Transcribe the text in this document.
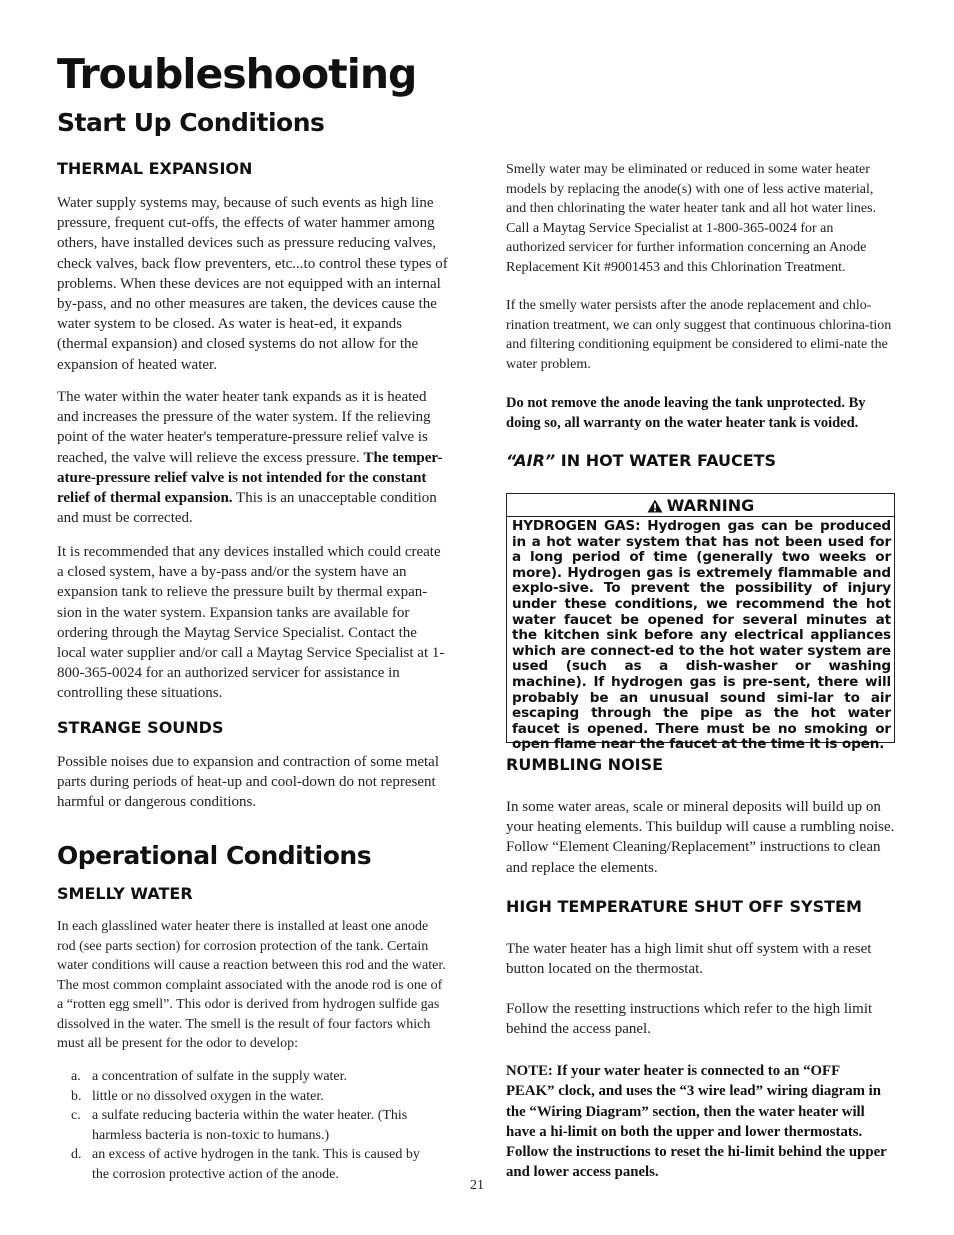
Troubleshooting
Start Up Conditions
THERMAL EXPANSION

Water supply systems may, because of such events as high line pressure, frequent cut-offs, the effects of water hammer among others, have installed devices such as pressure reducing valves, check valves, back flow preventers, etc...to control these types of problems. When these devices are not equipped with an internal by-pass, and no other measures are taken, the devices cause the water system to be closed. As water is heat-ed, it expands (thermal expansion) and closed systems do not allow for the expansion of heated water.

The water within the water heater tank expands as it is heated and increases the pressure of the water system. If the relieving point of the water heater's temperature-pressure relief valve is reached, the valve will relieve the excess pressure. The temper-ature-pressure relief valve is not intended for the constant relief of thermal expansion. This is an unacceptable condition and must be corrected.

It is recommended that any devices installed which could create a closed system, have a by-pass and/or the system have an expansion tank to relieve the pressure built by thermal expan-sion in the water system. Expansion tanks are available for ordering through the Maytag Service Specialist. Contact the local water supplier and/or call a Maytag Service Specialist at 1-800-365-0024 for an authorized servicer for assistance in controlling these situations.

STRANGE SOUNDS

Possible noises due to expansion and contraction of some metal parts during periods of heat-up and cool-down do not represent harmful or dangerous conditions.

Operational Conditions
SMELLY WATER

In each glasslined water heater there is installed at least one anode rod (see parts section) for corrosion protection of the tank. Certain water conditions will cause a reaction between this rod and the water. The most common complaint associated with the anode rod is one of a “rotten egg smell”. This odor is derived from hydrogen sulfide gas dissolved in the water. The smell is the result of four factors which must all be present for the odor to develop:

a. a concentration of sulfate in the supply water.
b. little or no dissolved oxygen in the water.
c. a sulfate reducing bacteria within the water heater. (This harmless bacteria is non-toxic to humans.)
d. an excess of active hydrogen in the tank. This is caused by the corrosion protective action of the anode.

Smelly water may be eliminated or reduced in some water heater models by replacing the anode(s) with one of less active material, and then chlorinating the water heater tank and all hot water lines. Call a Maytag Service Specialist at 1-800-365-0024 for an authorized servicer for further information concerning an Anode Replacement Kit #9001453 and this Chlorination Treatment.

If the smelly water persists after the anode replacement and chlo-rination treatment, we can only suggest that continuous chlorina-tion and filtering conditioning equipment be considered to elimi-nate the water problem.

Do not remove the anode leaving the tank unprotected. By doing so, all warranty on the water heater tank is voided.

“AIR” IN HOT WATER FAUCETS
WARNING

HYDROGEN GAS: Hydrogen gas can be produced in a hot water system that has not been used for a long period of time (generally two weeks or more). Hydrogen gas is extremely flammable and explo-sive. To prevent the possibility of injury under these conditions, we recommend the hot water faucet be opened for several minutes at the kitchen sink before any electrical appliances which are connect-ed to the hot water system are used (such as a dish-washer or washing machine). If hydrogen gas is pre-sent, there will probably be an unusual sound simi-lar to air escaping through the pipe as the hot water faucet is opened. There must be no smoking or open flame near the faucet at the time it is open.

RUMBLING NOISE

In some water areas, scale or mineral deposits will build up on your heating elements. This buildup will cause a rumbling noise. Follow “Element Cleaning/Replacement” instructions to clean and replace the elements.

HIGH TEMPERATURE SHUT OFF SYSTEM

The water heater has a high limit shut off system with a reset button located on the thermostat.

Follow the resetting instructions which refer to the high limit behind the access panel.

NOTE: If your water heater is connected to an “OFF PEAK” clock, and uses the “3 wire lead” wiring diagram in the “Wiring Diagram” section, then the water heater will have a hi-limit on both the upper and lower thermostats. Follow the instructions to reset the hi-limit behind the upper and lower access panels.

21
